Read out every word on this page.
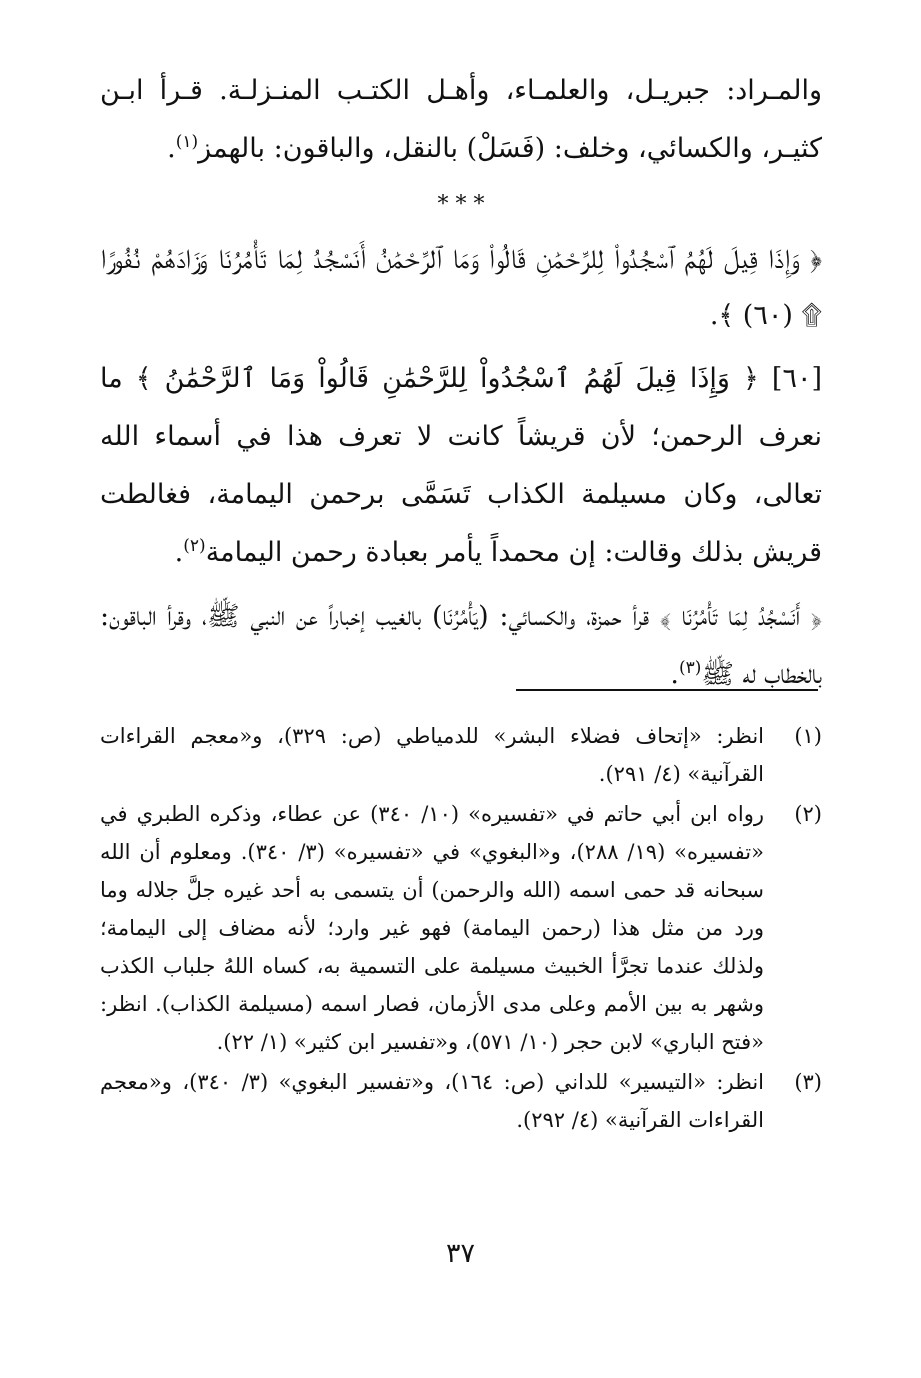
والمـراد: جبريـل، والعلمـاء، وأهـل الكتـب المنـزلـة. قـرأ ابـن كثيـر، والكسائي، وخلف: (فَسَلْ) بالنقل، والباقون: بالهمز$^{(١)}$.

* * *

﴿ وَإِذَا قِيلَ لَهُمُ ٱسْجُدُواْ لِلرَّحْمَٰنِ قَالُواْ وَمَا ٱلرَّحْمَٰنُ أَنَسْجُدُ لِمَا تَأْمُرُنَا وَزَادَهُمْ نُفُورًا ۩ (٦٠) ﴾.

[٦٠] ﴿ وَإِذَا قِيلَ لَهُمُ ٱسْجُدُواْ لِلرَّحْمَٰنِ قَالُواْ وَمَا ٱلرَّحْمَٰنُ ﴾ ما نعرف الرحمن؛ لأن قريشاً كانت لا تعرف هذا في أسماء الله تعالى، وكان مسيلمة الكذاب تَسَمَّى برحمن اليمامة، فغالطت قريش بذلك وقالت: إن محمداً يأمر بعبادة رحمن اليمامة$^{(٢)}$.

﴿ أَنَسْجُدُ لِمَا تَأْمُرُنَا ﴾ قرأ حمزة، والكسائي: (يَأْمُرُنَا) بالغيب إخباراً عن النبي ﷺ، وقرأ الباقون: بالخطاب له ﷺ$^{(٣)}$.

(١)
انظر: «إتحاف فضلاء البشر» للدمياطي (ص: ٣٢٩)، و«معجم القراءات القرآنية» (٤/ ٢٩١).
(٢)
رواه ابن أبي حاتم في «تفسيره» (١٠/ ٣٤٠) عن عطاء، وذكره الطبري في «تفسيره» (١٩/ ٢٨٨)، و«البغوي» في «تفسيره» (٣/ ٣٤٠). ومعلوم أن الله سبحانه قد حمى اسمه (الله والرحمن) أن يتسمى به أحد غيره جلَّ جلاله وما ورد من مثل هذا (رحمن اليمامة) فهو غير وارد؛ لأنه مضاف إلى اليمامة؛ ولذلك عندما تجرَّأ الخبيث مسيلمة على التسمية به، كساه اللهُ جلباب الكذب وشهر به بين الأمم وعلى مدى الأزمان، فصار اسمه (مسيلمة الكذاب). انظر: «فتح الباري» لابن حجر (١٠/ ٥٧١)، و«تفسير ابن كثير» (١/ ٢٢).
(٣)
انظر: «التيسير» للداني (ص: ١٦٤)، و«تفسير البغوي» (٣/ ٣٤٠)، و«معجم القراءات القرآنية» (٤/ ٢٩٢).
٣٧
